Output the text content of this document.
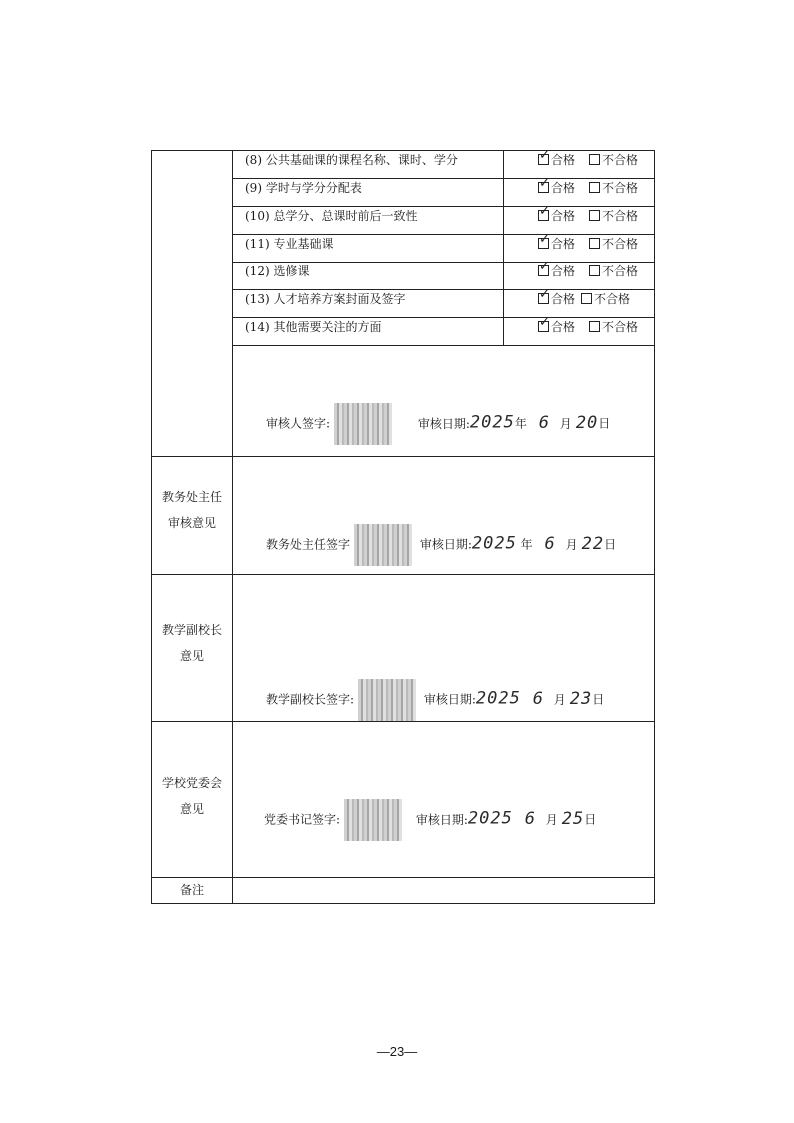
(8) 公共基础课的课程名称、课时、学分	✓ 合格 不合格
(9) 学时与学分分配表	✓ 合格 不合格
(10) 总学分、总课时前后一致性	✓ 合格 不合格
(11) 专业基础课	✓ 合格 不合格
(12) 选修课	✓ 合格 不合格
(13) 人才培养方案封面及签字	✓ 合格 不合格
(14) 其他需要关注的方面	✓ 合格 不合格
审核人签字:	审核日期:2025年 6 月 20日
教务处主任
审核意见
教务处主任签字	审核日期:2025 年 6 月 22日
教学副校长
意见
教学副校长签字:	审核日期:2025 6 月 23日
学校党委会
意见
党委书记签字:	审核日期:2025 6 月 25日
备注
—23—
